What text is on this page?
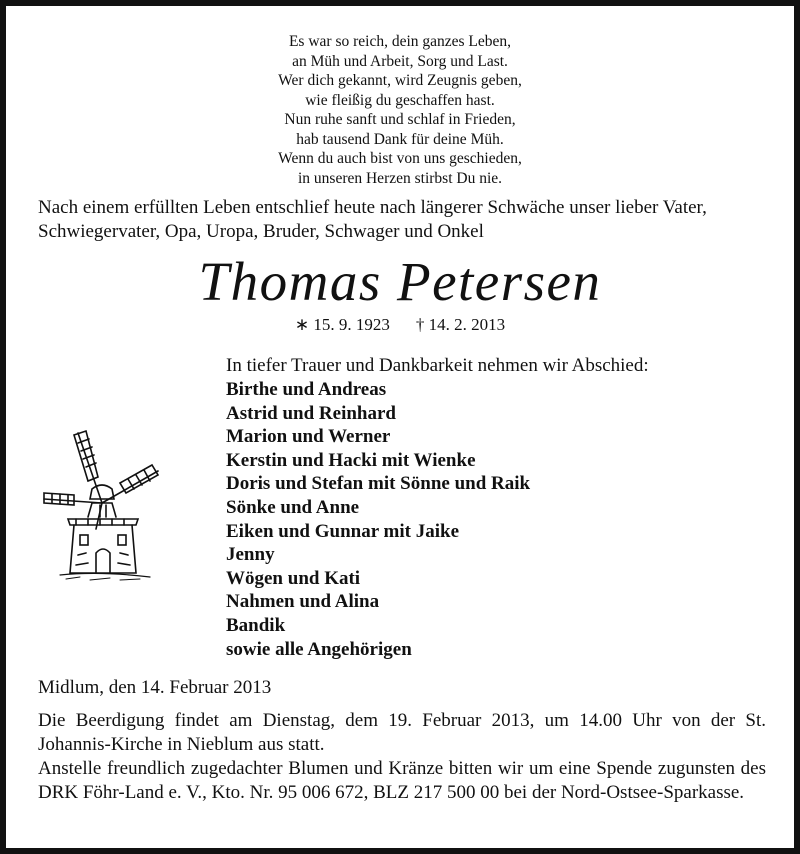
Es war so reich, dein ganzes Leben,
an Müh und Arbeit, Sorg und Last.
Wer dich gekannt, wird Zeugnis geben,
wie fleißig du geschaffen hast.
Nun ruhe sanft und schlaf in Frieden,
hab tausend Dank für deine Müh.
Wenn du auch bist von uns geschieden,
in unseren Herzen stirbst Du nie.
Nach einem erfüllten Leben entschlief heute nach längerer Schwäche unser lieber Vater, Schwiegervater, Opa, Uropa, Bruder, Schwager und Onkel
Thomas Petersen
∗ 15. 9. 1923 † 14. 2. 2013
In tiefer Trauer und Dankbarkeit nehmen wir Abschied:
Birthe und Andreas
Astrid und Reinhard
Marion und Werner
Kerstin und Hacki mit Wienke
Doris und Stefan mit Sönne und Raik
Sönke und Anne
Eiken und Gunnar mit Jaike
Jenny
Wögen und Kati
Nahmen und Alina
Bandik
sowie alle Angehörigen
Midlum, den 14. Februar 2013
Die Beerdigung findet am Dienstag, dem 19. Februar 2013, um 14.00 Uhr von der St. Johannis-Kirche in Nieblum aus statt.
Anstelle freundlich zugedachter Blumen und Kränze bitten wir um eine Spende zugunsten des DRK Föhr-Land e. V., Kto. Nr. 95 006 672, BLZ 217 500 00 bei der Nord-Ostsee-Sparkasse.
